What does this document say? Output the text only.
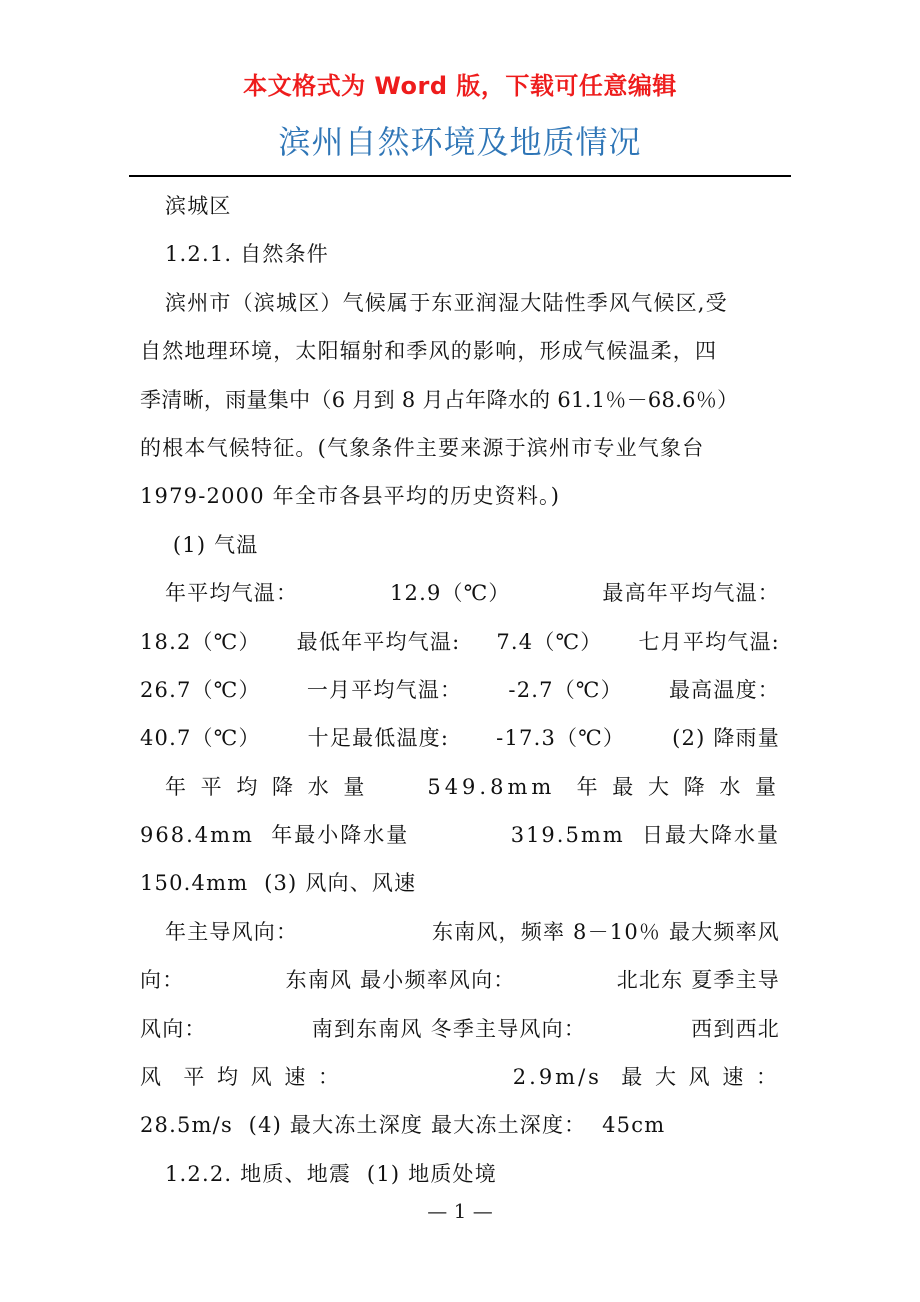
本文格式为 Word 版，下载可任意编辑
滨州自然环境及地质情况
滨城区
1.2.1. 自然条件
滨州市（滨城区）气候属于东亚润湿大陆性季风气候区,受
自然地理环境，太阳辐射和季风的影响，形成气候温柔，四
季清晰，雨量集中（6 月到 8 月占年降水的 61.1％－68.6％）
的根本气候特征。(气象条件主要来源于滨州市专业气象台
1979-2000 年全市各县平均的历史资料。)
(1) 气温
年平均气温：	12.9（℃）	最高年平均气温：
18.2（℃） 最低年平均气温: 7.4（℃） 七月平均气温:
26.7（℃） 一月平均气温： -2.7（℃） 最高温度：
40.7（℃） 十足最低温度: -17.3（℃） (2) 降雨量
年 平 均 降 水 量	549.8mm  年 最 大 降 水 量
968.4mm  年最小降水量	319.5mm  日最大降水量
150.4mm  (3) 风向、风速
年主导风向：	东南风，频率 8－10％ 最大频率风
向：	东南风 最小频率风向：	北北东 夏季主导
风向：	南到东南风 冬季主导风向：	西到西北
风  平 均 风 速 ：	2.9m/s  最 大 风 速 ：
28.5m/s  (4) 最大冻土深度 最大冻土深度：  45cm
1.2.2. 地质、地震  (1) 地质处境
— 1 —
